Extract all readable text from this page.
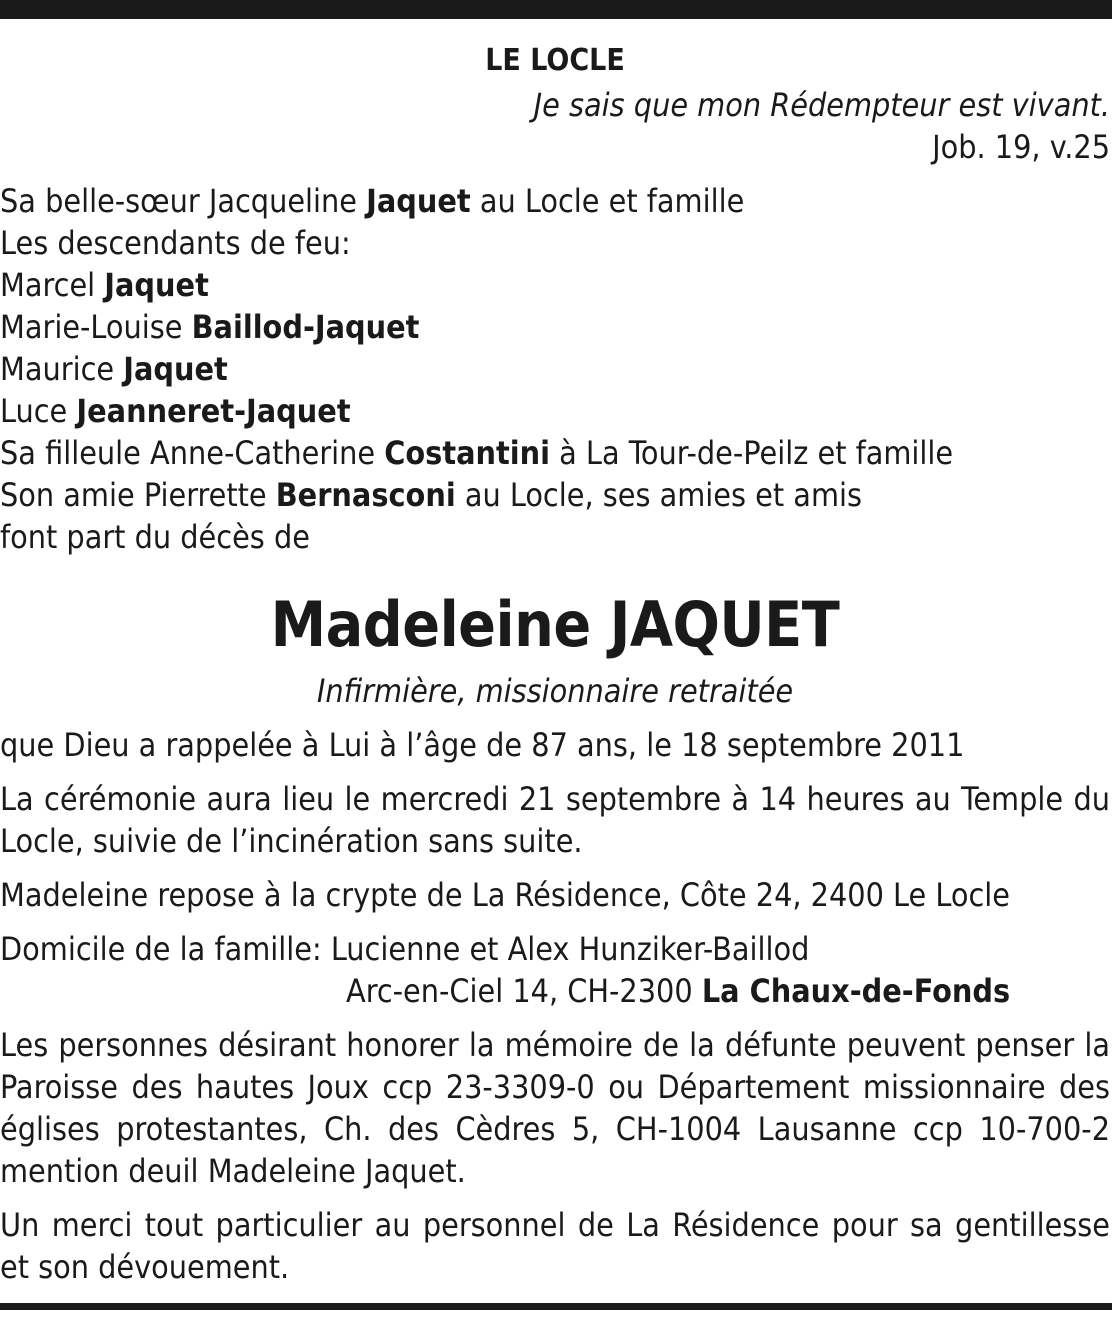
LE LOCLE
Je sais que mon Rédempteur est vivant.
Job. 19, v.25
Sa belle-sœur Jacqueline Jaquet au Locle et famille
Les descendants de feu:
Marcel Jaquet
Marie-Louise Baillod-Jaquet
Maurice Jaquet
Luce Jeanneret-Jaquet
Sa filleule Anne-Catherine Costantini à La Tour-de-Peilz et famille
Son amie Pierrette Bernasconi au Locle, ses amies et amis
font part du décès de
Madeleine JAQUET
Infirmière, missionnaire retraitée
que Dieu a rappelée à Lui à l’âge de 87 ans, le 18 septembre 2011
La cérémonie aura lieu le mercredi 21 septembre à 14 heures au Temple du Locle, suivie de l’incinération sans suite.
Madeleine repose à la crypte de La Résidence, Côte 24, 2400 Le Locle
Domicile de la famille: Lucienne et Alex Hunziker-Baillod
Arc-en-Ciel 14, CH-2300 La Chaux-de-Fonds
Les personnes désirant honorer la mémoire de la défunte peuvent penser la Paroisse des hautes Joux ccp 23-3309-0 ou Département missionnaire des églises protestantes, Ch. des Cèdres 5, CH-1004 Lausanne ccp 10-700-2 mention deuil Madeleine Jaquet.
Un merci tout particulier au personnel de La Résidence pour sa gentillesse et son dévouement.
